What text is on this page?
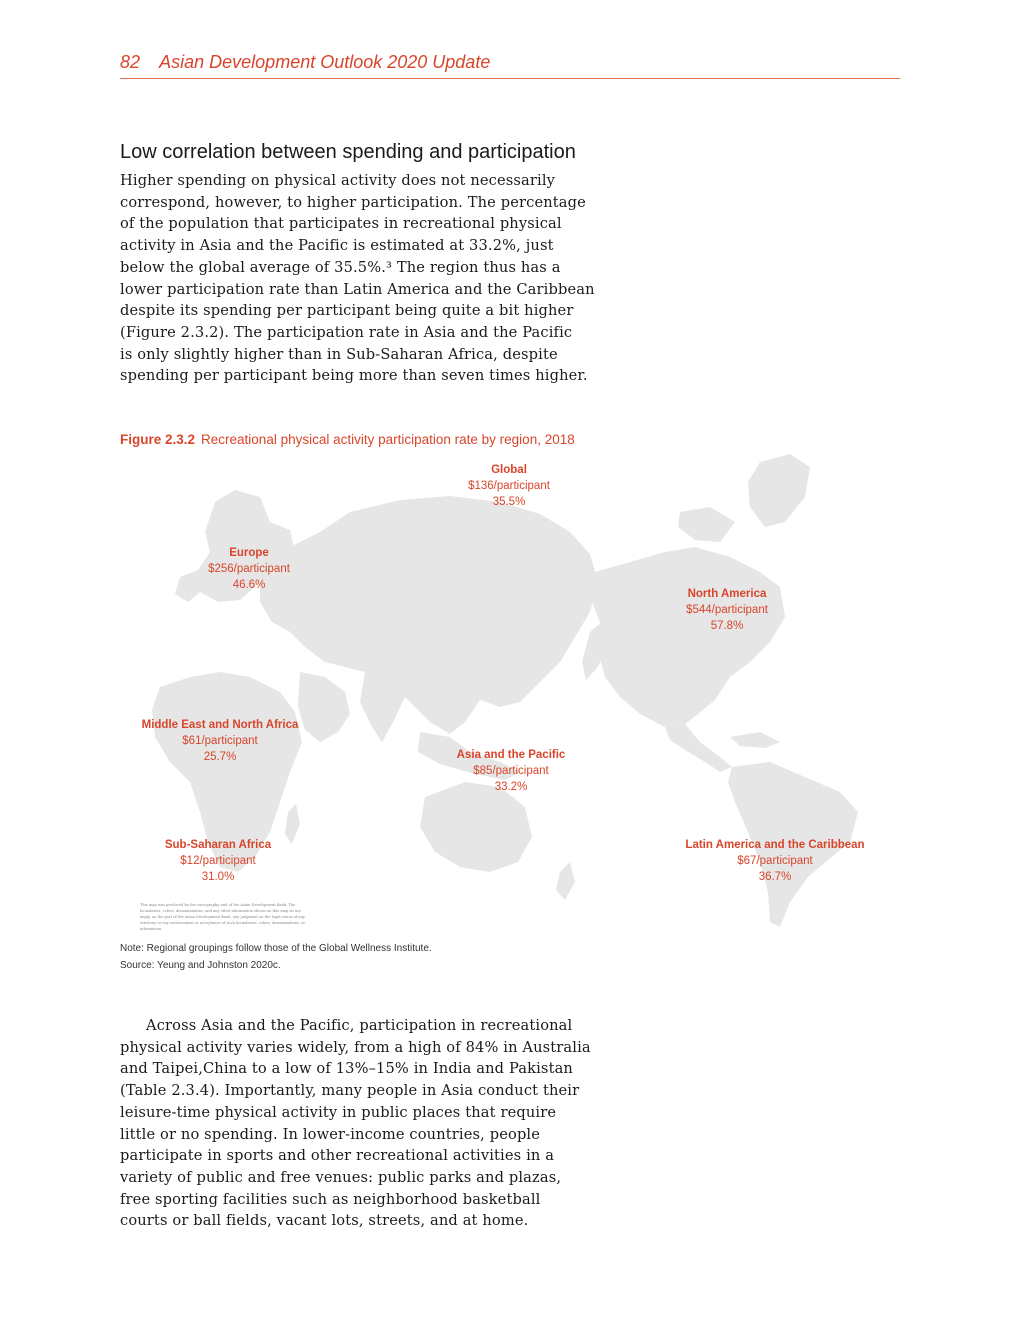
82 Asian Development Outlook 2020 Update
Low correlation between spending and participation

Higher spending on physical activity does not necessarily

correspond, however, to higher participation. The percentage

of the population that participates in recreational physical

activity in Asia and the Pacific is estimated at 33.2%, just

below the global average of 35.5%.³ The region thus has a

lower participation rate than Latin America and the Caribbean

despite its spending per participant being quite a bit higher

(Figure 2.3.2). The participation rate in Asia and the Pacific

is only slightly higher than in Sub-Saharan Africa, despite

spending per participant being more than seven times higher.

Figure 2.3.2 Recreational physical activity participation rate by region, 2018
Global
$136/participant
35.5%
Europe
$256/participant
46.6%
North America
$544/participant
57.8%
Middle East and North Africa
$61/participant
25.7%	Asia and the Pacific
$85/participant
33.2%
Sub-Saharan Africa
$12/participant
31.0%
Latin America and the Caribbean
$67/participant
36.7%
This map was produced by the cartography unit of the Asian Development Bank. The boundaries, colors, denominations, and any other information shown on this map do not imply, on the part of the Asian Development Bank, any judgment on the legal status of any territory, or any endorsement or acceptance of such boundaries, colors, denominations, or information.
Note: Regional groupings follow those of the Global Wellness Institute.
Source: Yeung and Johnston 2020c.

Across Asia and the Pacific, participation in recreational

physical activity varies widely, from a high of 84% in Australia

and Taipei,China to a low of 13%–15% in India and Pakistan

(Table 2.3.4). Importantly, many people in Asia conduct their

leisure-time physical activity in public places that require

little or no spending. In lower-income countries, people

participate in sports and other recreational activities in a

variety of public and free venues: public parks and plazas,

free sporting facilities such as neighborhood basketball

courts or ball fields, vacant lots, streets, and at home.
